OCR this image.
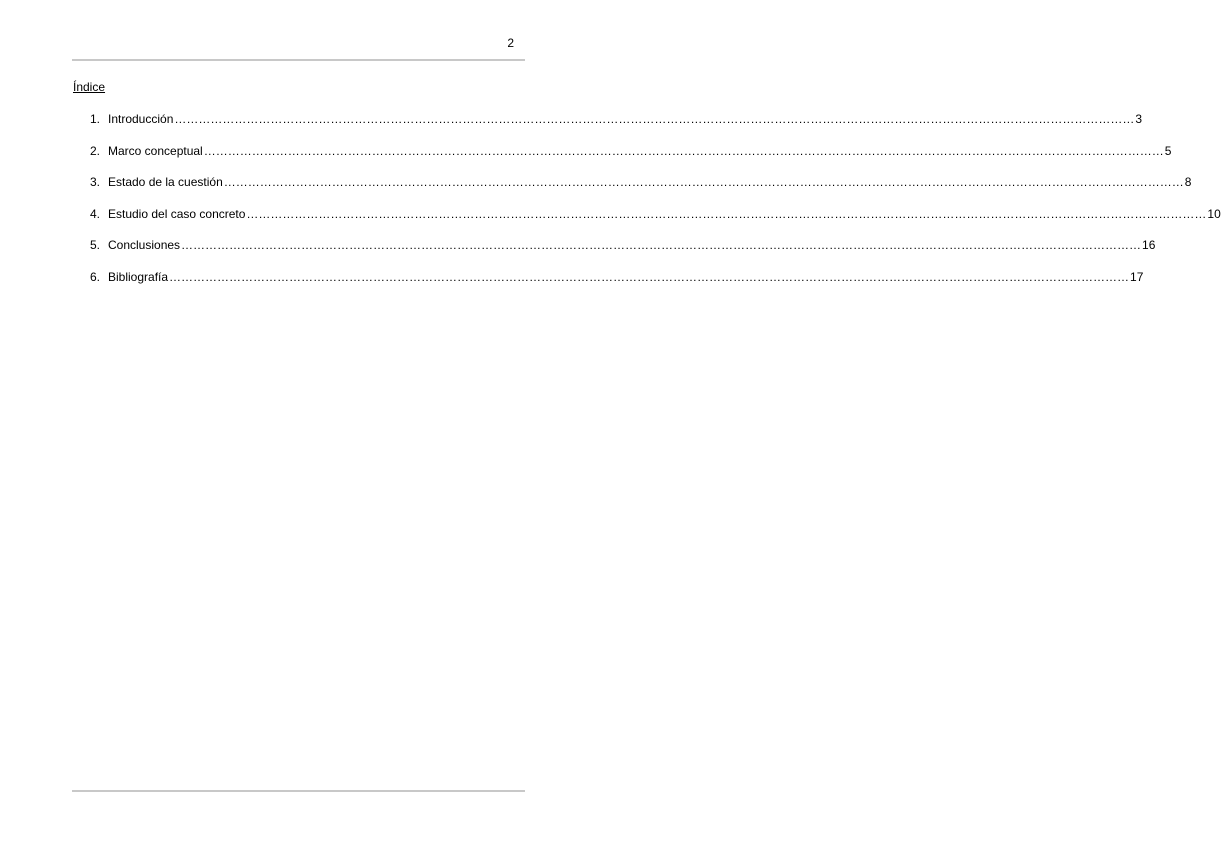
2
Índice
1. Introducción …………………………………………………………………………………………………………………………………………………………………………………………………………………… 3
2. Marco conceptual …………………………………………………………………………………………………………………………………………………………………………………………………………………… 5
3. Estado de la cuestión …………………………………………………………………………………………………………………………………………………………………………………………………………………… 8
4. Estudio del caso concreto …………………………………………………………………………………………………………………………………………………………………………………………………………………… 10
5. Conclusiones …………………………………………………………………………………………………………………………………………………………………………………………………………………… 16
6. Bibliografía …………………………………………………………………………………………………………………………………………………………………………………………………………………… 17
